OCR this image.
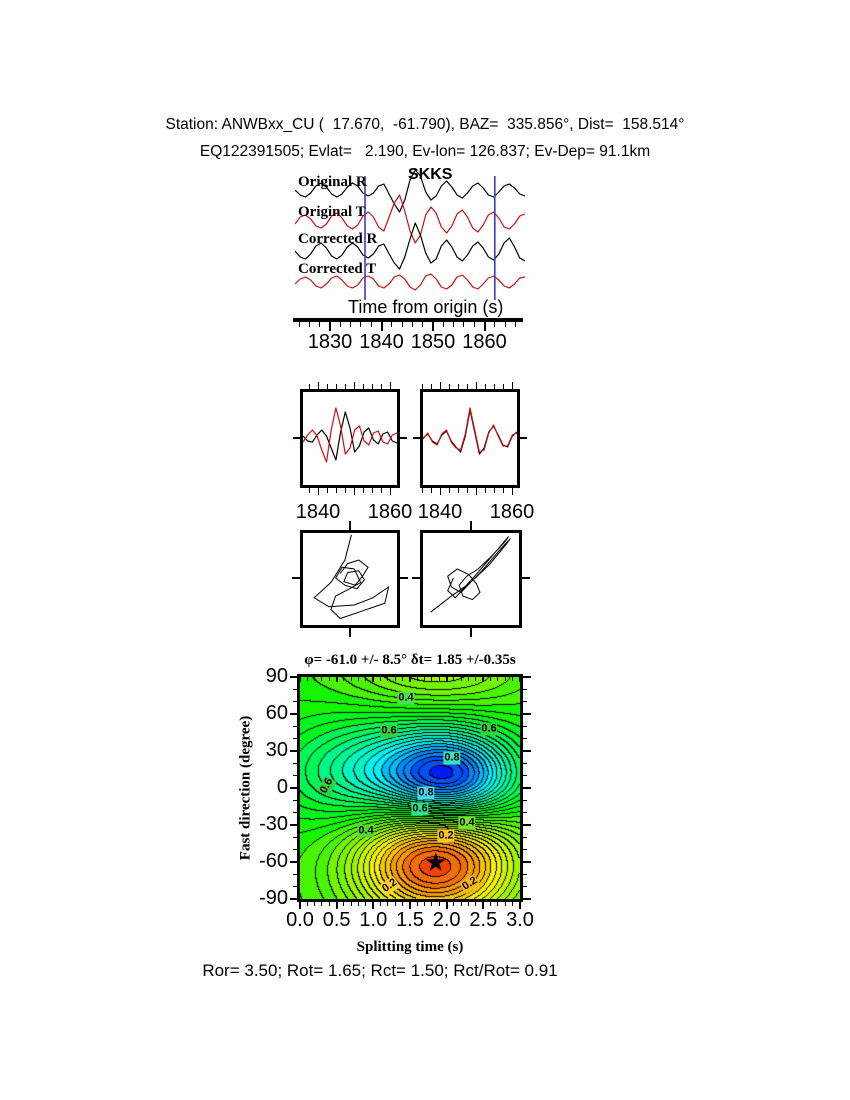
Station: ANWBxx_CU (  17.670,  -61.790), BAZ=  335.856°, Dist=  158.514°
EQ122391505; Evlat=   2.190, Ev-lon= 126.837; Ev-Dep= 91.1km
SKKS
Original R
Original T
Corrected R
Corrected T
Time from origin (s)
φ= -61.0 +/- 8.5° δt= 1.85 +/-0.35s
Fast direction (degree)
★
Splitting time (s)
Ror= 3.50; Rot= 1.65; Rct= 1.50; Rct/Rot= 0.91
1830 1840 1850 1860
1840 1860 1840 1860
0.0 0.5 1.0 1.5 2.0 2.5 3.0
90
60
30
0
-30
-60
-90
0.4
0.6	0.6
0.8
0.8
0.6
0.4
0.2
0.4
0.2	0.2
0.6
